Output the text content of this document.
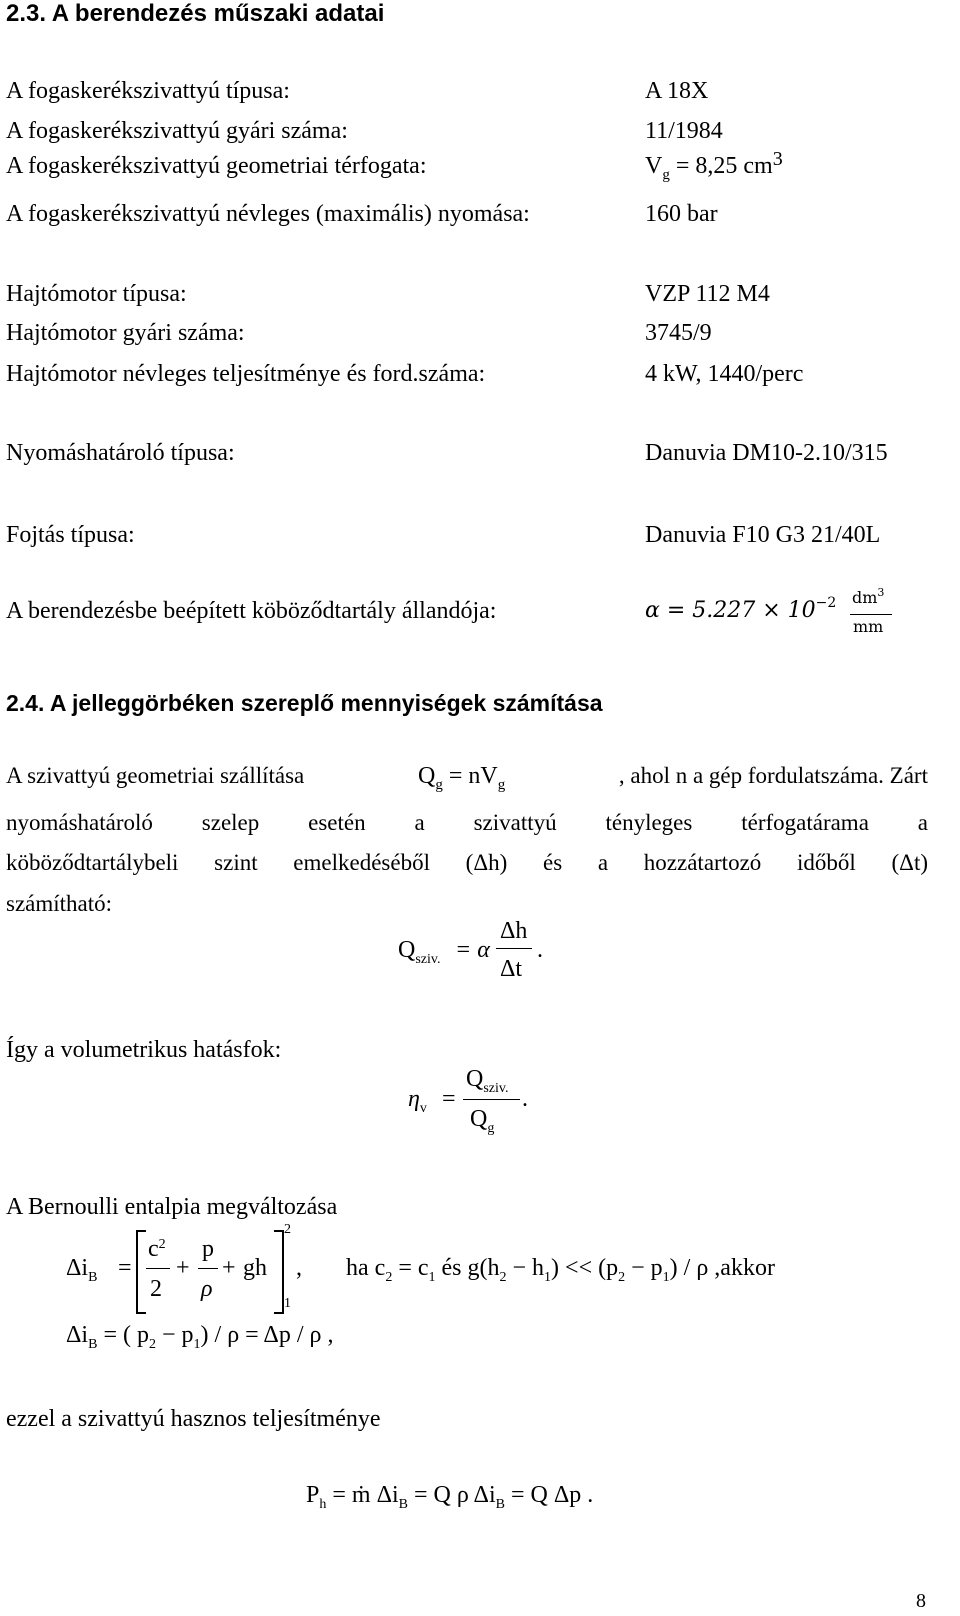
2.3. A berendezés műszaki adatai
A fogaskerékszivattyú típusa:	A 18X
A fogaskerékszivattyú gyári száma:	11/1984
A fogaskerékszivattyú geometriai térfogata:	$V_g = 8,25$ $cm^3$
A fogaskerékszivattyú névleges (maximális) nyomása:	160 bar
Hajtómotor típusa:	VZP 112 M4
Hajtómotor gyári száma:	3745/9
Hajtómotor névleges teljesítménye és ford.száma:	4 kW, 1440/perc
Nyomáshatároló típusa:	Danuvia DM10-2.10/315
Fojtás típusa:	Danuvia F10 G3 21/40L
A berendezésbe beépített köböződtartály állandója:	$\alpha = 5.227 \times 10^{-2}$ $dm^3$
mm
2.4. A jelleggörbéken szereplő mennyiségek számítása
A szivattyú geometriai szállítása	$Q_g = nV_g$	, ahol n a gép fordulatszáma. Zárt
nyomáshatároló szelep esetén a szivattyú tényleges térfogatárama a
köböződtartálybeli szint emelkedéséből (Δh) és a hozzátartozó időből (Δt)
számítható:
$Q_{sziv.} = \alpha$
Δh
Δt
.
Így a volumetrikus hatásfok:
$\eta_v$ =
$Q_{sziv.}$
$Q_g$
.
A Bernoulli entalpia megváltozása
$\Delta i_B$ =
$c^2$
2
+
p
ρ
+ gh
2
1
, ha $c_2 = c_1$ és $g(h_2 - h_1) << (p_2 - p_1) / \rho$ ,akkor
$\Delta i_B$ = ( $p_2 - p_1) / \rho = \Delta p / \rho$ ,
ezzel a szivattyú hasznos teljesítménye
$P_h$ = ṁ $\Delta i_B = Q$ ρ $\Delta i_B = Q$ Δp .
8
